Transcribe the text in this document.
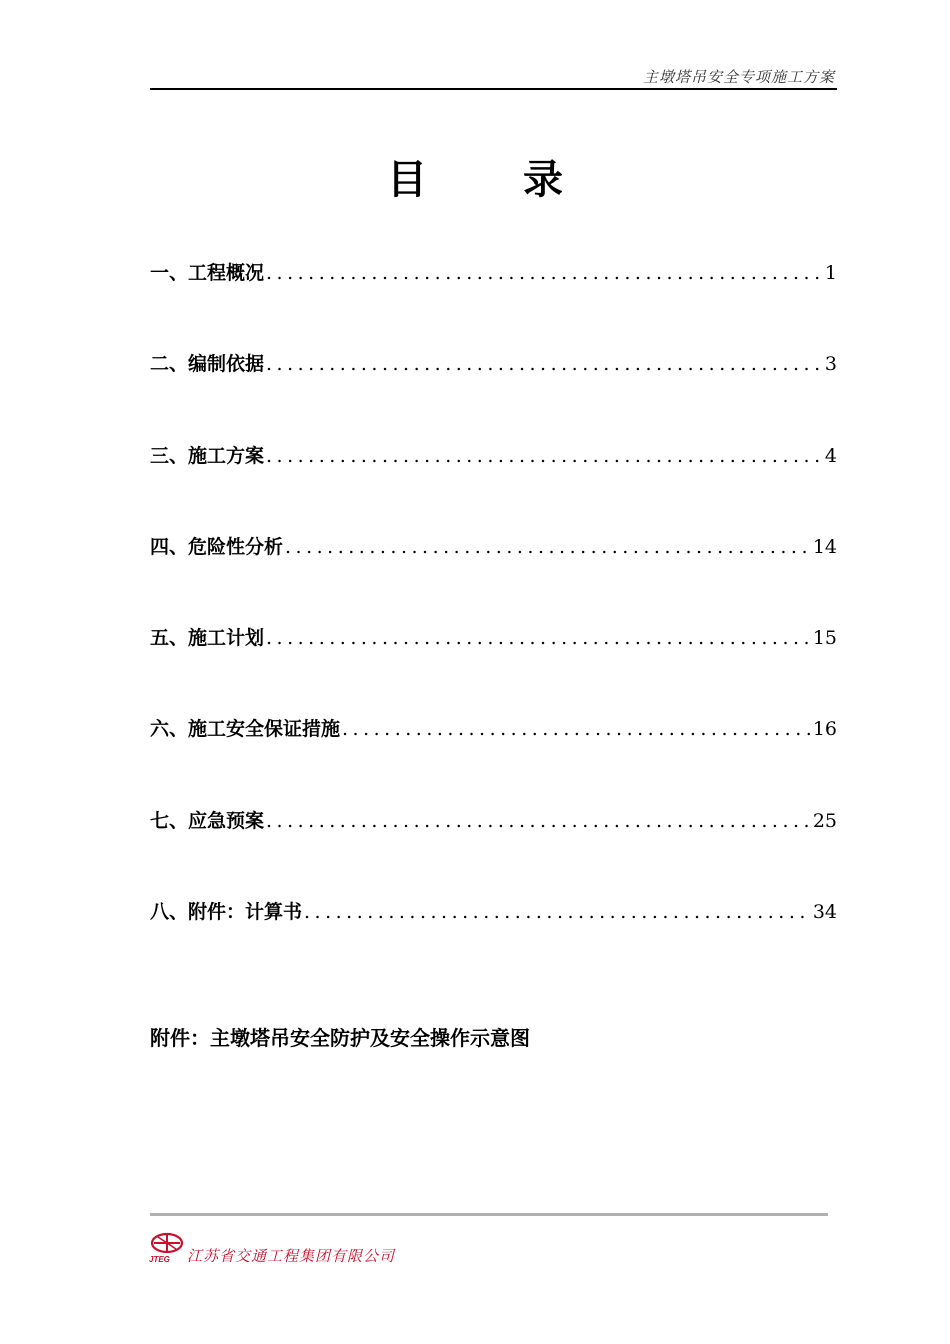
主墩塔吊安全专项施工方案
目录
一、工程概况 .....	1
二、编制依据 .....	3
三、施工方案 .....	4
四、危险性分析 .....	14
五、施工计划 .....	15
六、施工安全保证措施 .....	16
七、应急预案 .....	25
八、附件：计算书 .....	34
附件：主墩塔吊安全防护及安全操作示意图
JTEG 江苏省交通工程集团有限公司
